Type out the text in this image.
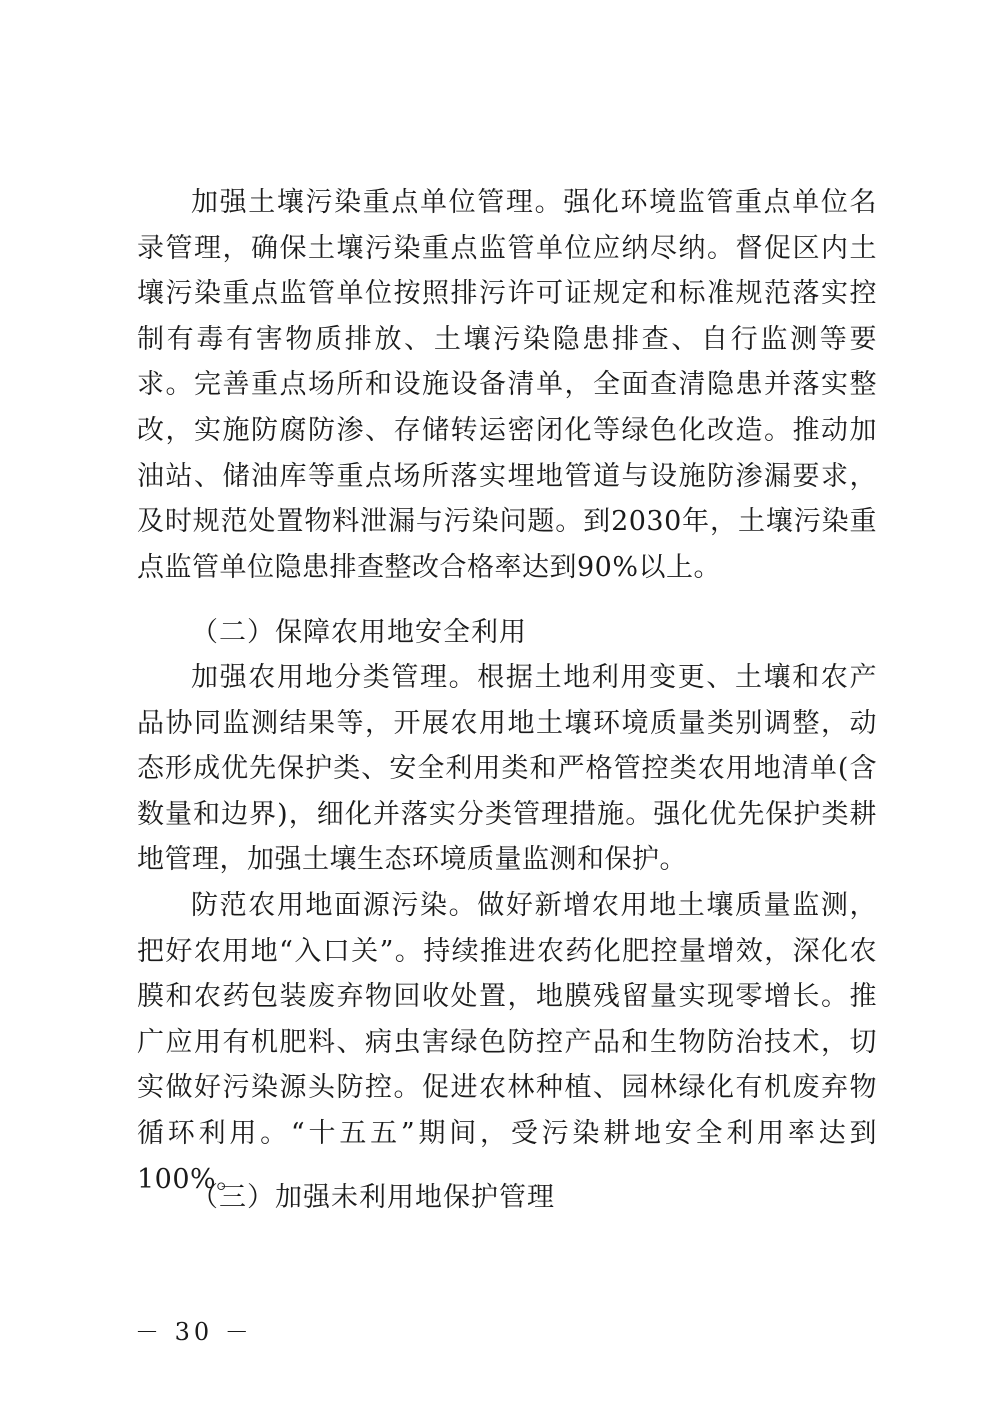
加强土壤污染重点单位管理。强化环境监管重点单位名录管理，确保土壤污染重点监管单位应纳尽纳。督促区内土壤污染重点监管单位按照排污许可证规定和标准规范落实控制有毒有害物质排放、土壤污染隐患排查、自行监测等要求。完善重点场所和设施设备清单，全面查清隐患并落实整改，实施防腐防渗、存储转运密闭化等绿色化改造。推动加油站、储油库等重点场所落实埋地管道与设施防渗漏要求，及时规范处置物料泄漏与污染问题。到2030年，土壤污染重点监管单位隐患排查整改合格率达到90%以上。

（二）保障农用地安全利用

加强农用地分类管理。根据土地利用变更、土壤和农产品协同监测结果等，开展农用地土壤环境质量类别调整，动态形成优先保护类、安全利用类和严格管控类农用地清单(含数量和边界)，细化并落实分类管理措施。强化优先保护类耕地管理，加强土壤生态环境质量监测和保护。

防范农用地面源污染。做好新增农用地土壤质量监测，把好农用地“入口关”。持续推进农药化肥控量增效，深化农膜和农药包装废弃物回收处置，地膜残留量实现零增长。推广应用有机肥料、病虫害绿色防控产品和生物防治技术，切实做好污染源头防控。促进农林种植、园林绿化有机废弃物循环利用。“十五五”期间，受污染耕地安全利用率达到100%。

（三）加强未利用地保护管理
－ 30 －
